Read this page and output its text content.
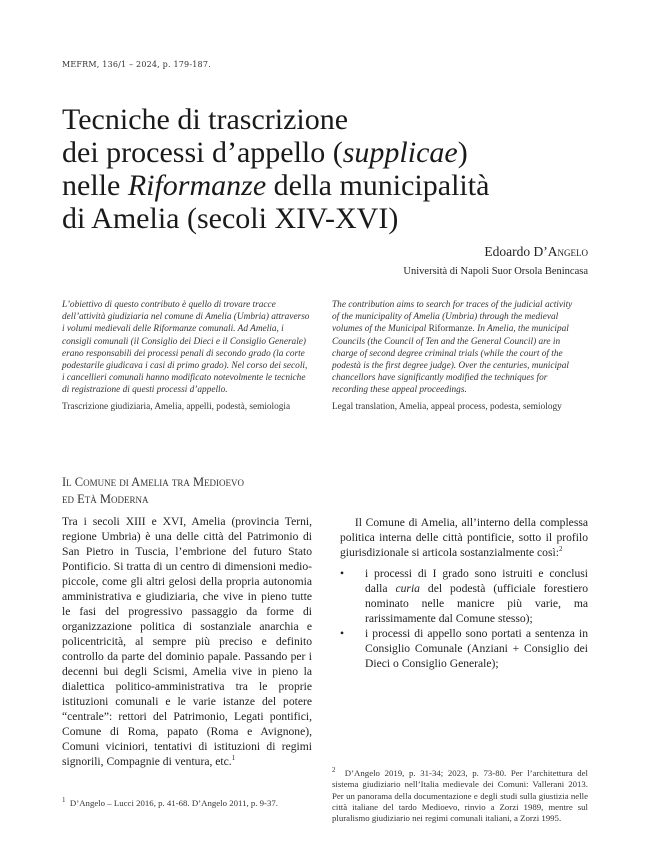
MEFRM, 136/1 – 2024, p. 179-187.
Tecniche di trascrizione
dei processi d’appello (supplicae)
nelle Riformanze della municipalità
di Amelia (secoli XIV-XVI)
Edoardo D’Angelo
Università di Napoli Suor Orsola Benincasa
L’obiettivo di questo contributo è quello di trovare tracce dell’attività giudiziaria nel comune di Amelia (Umbria) attraverso i volumi medievali delle Riformanze comunali. Ad Amelia, i consigli comunali (il Consiglio dei Dieci e il Consiglio Generale) erano responsabili dei processi penali di secondo grado (la corte podestarile giudicava i casi di primo grado). Nel corso dei secoli, i cancellieri comunali hanno modificato notevolmente le tecniche di registrazione di questi processi d’appello.
Trascrizione giudiziaria, Amelia, appelli, podestà, semiologia
The contribution aims to search for traces of the judicial activity of the municipality of Amelia (Umbria) through the medieval volumes of the Municipal Riformanze. In Amelia, the municipal Councils (the Council of Ten and the General Council) are in charge of second degree criminal trials (while the court of the podestà is the first degree judge). Over the centuries, municipal chancellors have significantly modified the techniques for recording these appeal proceedings.
Legal translation, Amelia, appeal process, podesta, semiology
Il Comune di Amelia tra Medioevo
ed Età Moderna
Tra i secoli XIII e XVI, Amelia (provincia Terni, regione Umbria) è una delle città del Patrimonio di San Pietro in Tuscia, l’embrione del futuro Stato Pontificio. Si tratta di un centro di dimensioni medio-piccole, come gli altri gelosi della propria autonomia amministrativa e giudiziaria, che vive in pieno tutte le fasi del progressivo passaggio da forme di organizzazione politica di sostanziale anarchia e policentricità, al sempre più preciso e definito controllo da parte del dominio papale. Passando per i decenni bui degli Scismi, Amelia vive in pieno la dialettica politico-amministrativa tra le proprie istituzioni comunali e le varie istanze del potere “centrale”: rettori del Patrimonio, Legati pontifici, Comune di Roma, papato (Roma e Avignone), Comuni viciniori, tentativi di istituzioni di regimi signorili, Compagnie di ventura, etc.$^1$

Il Comune di Amelia, all’interno della complessa politica interna delle città pontificie, sotto il profilo giurisdizionale si articola sostanzialmente così:$^2$

• i processi di I grado sono istruiti e conclusi dalla curia del podestà (ufficiale forestiero nominato nelle manicre più varie, ma rarissimamente dal Comune stesso);
• i processi di appello sono portati a sentenza in Consiglio Comunale (Anziani + Consiglio dei Dieci o Consiglio Generale);
$^1$ D’Angelo – Lucci 2016, p. 41-68. D’Angelo 2011, p. 9-37.
$^2$ D’Angelo 2019, p. 31-34; 2023, p. 73-80. Per l’architettura del sistema giudiziario nell’Italia medievale dei Comuni: Vallerani 2013. Per un panorama della documentazione e degli studi sulla giustizia nelle città italiane del tardo Medioevo, rinvio a Zorzi 1989, mentre sul pluralismo giudiziario nei regimi comunali italiani, a Zorzi 1995.
